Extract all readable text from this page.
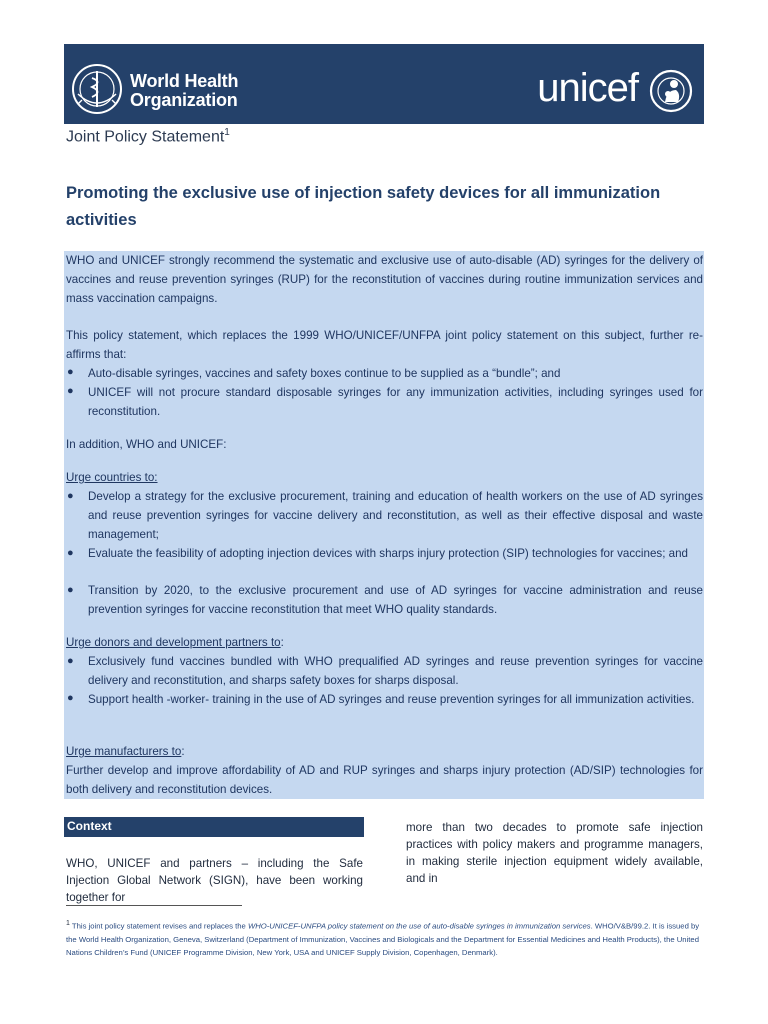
World Health
Organization	unicef
Joint Policy Statement$^1$
Promoting the exclusive use of injection safety devices for all immunization activities
WHO and UNICEF strongly recommend the systematic and exclusive use of auto-disable (AD) syringes for the delivery of vaccines and reuse prevention syringes (RUP) for the reconstitution of vaccines during routine immunization services and mass vaccination campaigns.
This policy statement, which replaces the 1999 WHO/UNICEF/UNFPA joint policy statement on this subject, further re-affirms that:
● Auto-disable syringes, vaccines and safety boxes continue to be supplied as a “bundle”; and
● UNICEF will not procure standard disposable syringes for any immunization activities, including syringes used for reconstitution.
In addition, WHO and UNICEF:
Urge countries to:
● Develop a strategy for the exclusive procurement, training and education of health workers on the use of AD syringes and reuse prevention syringes for vaccine delivery and reconstitution, as well as their effective disposal and waste management;
● Evaluate the feasibility of adopting injection devices with sharps injury protection (SIP) technologies for vaccines; and
● Transition by 2020, to the exclusive procurement and use of AD syringes for vaccine administration and reuse prevention syringes for vaccine reconstitution that meet WHO quality standards.
Urge donors and development partners to:
● Exclusively fund vaccines bundled with WHO prequalified AD syringes and reuse prevention syringes for vaccine delivery and reconstitution, and sharps safety boxes for sharps disposal.
● Support health -worker- training in the use of AD syringes and reuse prevention syringes for all immunization activities.
Urge manufacturers to:
Further develop and improve affordability of AD and RUP syringes and sharps injury protection (AD/SIP) technologies for both delivery and reconstitution devices.
Context
WHO, UNICEF and partners – including the Safe Injection Global Network (SIGN), have been working together for
more than two decades to promote safe injection practices with policy makers and programme managers, in making sterile injection equipment widely available, and in
$^1$ This joint policy statement revises and replaces the WHO-UNICEF-UNFPA policy statement on the use of auto-disable syringes in immunization services. WHO/V&B/99.2. It is issued by the World Health Organization, Geneva, Switzerland (Department of Immunization, Vaccines and Biologicals and the Department for Essential Medicines and Health Products), the United Nations Children’s Fund (UNICEF Programme Division, New York, USA and UNICEF Supply Division, Copenhagen, Denmark).
